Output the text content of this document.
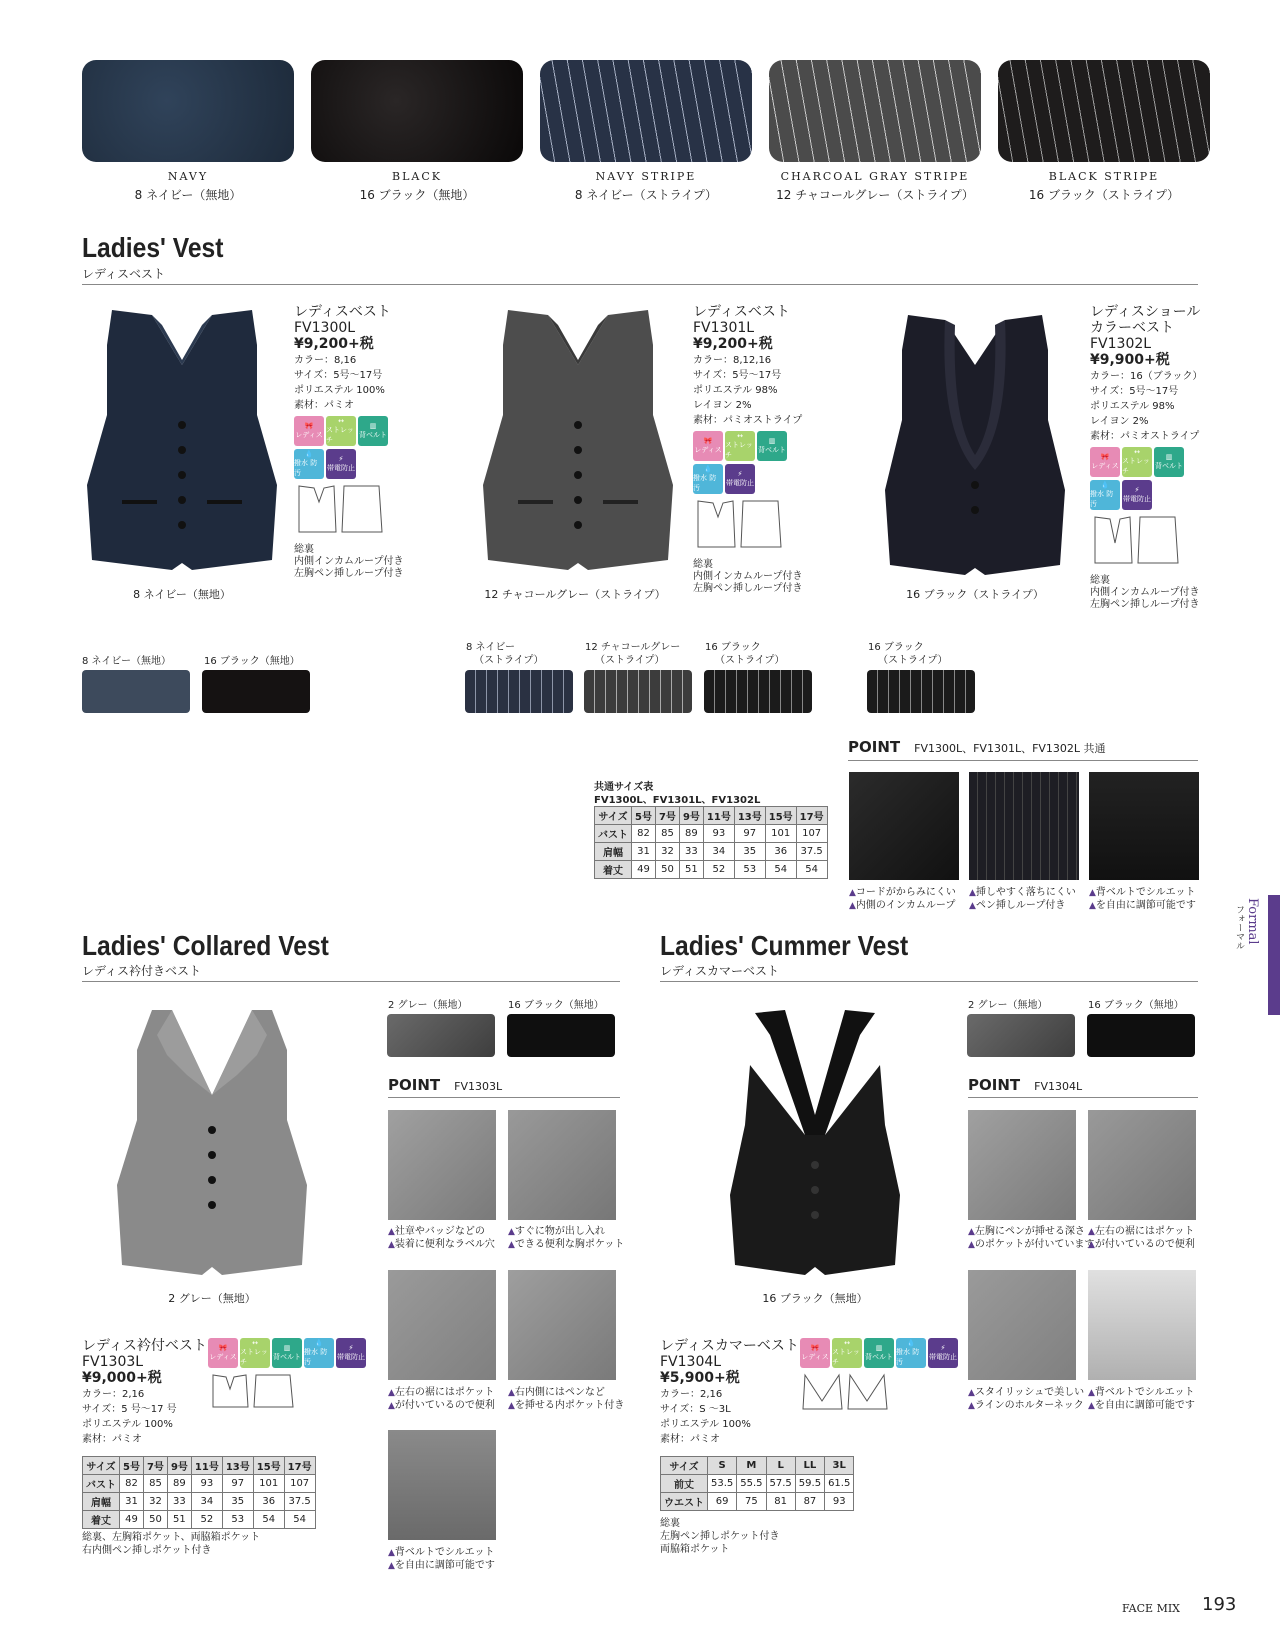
NAVY
8 ネイビー（無地）
BLACK
16 ブラック（無地）
NAVY STRIPE
8 ネイビー（ストライプ）
CHARCOAL GRAY STRIPE
12 チャコールグレー（ストライプ）
BLACK STRIPE
16 ブラック（ストライプ）
Ladies' Vest
レディスベスト
8 ネイビー（無地）
レディスベスト
FV1300L
¥9,200+税
カラー：8,16
サイズ：5号～17号
ポリエステル 100%
素材：パミオ
🎀
レディス
↔
ストレッチ
▥
背ベルト
💧
撥水 防汚
⚡
帯電防止
総裏
内側インカムループ付き
左胸ペン挿しループ付き
12 チャコールグレー（ストライプ）
レディスベスト
FV1301L
¥9,200+税
カラー：8,12,16
サイズ：5号～17号
ポリエステル 98%
レイヨン 2%
素材：パミオストライプ
🎀
レディス
↔
ストレッチ
▥
背ベルト
💧
撥水 防汚
⚡
帯電防止
総裏
内側インカムループ付き
左胸ペン挿しループ付き	16 ブラック（ストライプ）
レディスショール
カラーベスト
FV1302L
¥9,900+税
カラー：16（ブラック）
サイズ：5号～17号
ポリエステル 98%
レイヨン 2%
素材：パミオストライプ
🎀
レディス
↔
ストレッチ
▥
背ベルト
💧
撥水 防汚
⚡
帯電防止
総裏
内側インカムループ付き
左胸ペン挿しループ付き
8 ネイビー（無地）	16 ブラック（無地）
8 ネイビー
（ストライプ）
12 チャコールグレー
（ストライプ）
16 ブラック
（ストライプ）
16 ブラック
（ストライプ）
POINT FV1300L、FV1301L、FV1302L 共通
▲ コードがからみにくい
▲ 内側のインカムループ
▲ 挿しやすく落ちにくい
▲ ペン挿しループ付き
▲ 背ベルトでシルエット
▲ を自由に調節可能です
共通サイズ表
FV1300L、FV1301L、FV1302L
サイズ	5号	7号	9号	11号	13号	15号	17号
バスト	82	85	89	93	97	101	107
肩幅	31	32	33	34	35	36	37.5
着丈	49	50	51	52	53	54	54
Ladies' Collared Vest
レディス衿付きベスト
2 グレー（無地）
レディス衿付ベスト
FV1303L
¥9,000+税
カラー：2,16
サイズ：5 号～17 号
ポリエステル 100%
素材：パミオ
🎀
レディス
↔
ストレッチ
▥
背ベルト
💧
撥水 防汚
⚡
帯電防止
サイズ	5号	7号	9号	11号	13号	15号	17号
バスト	82	85	89	93	97	101	107
肩幅	31	32	33	34	35	36	37.5
着丈	49	50	51	52	53	54	54
総裏、左胸箱ポケット、両脇箱ポケット
右内側ペン挿しポケット付き
2 グレー（無地）	16 ブラック（無地）
POINT FV1303L
▲ 社章やバッジなどの
▲ 装着に便利なラベル穴
▲ すぐに物が出し入れ
▲ できる便利な胸ポケット
▲ 左右の裾にはポケット
▲ が付いているので便利
▲ 右内側にはペンなど
▲ を挿せる内ポケット付き
▲ 背ベルトでシルエット
▲ を自由に調節可能です
Ladies' Cummer Vest
レディスカマーベスト
16 ブラック（無地）
レディスカマーベスト
FV1304L
¥5,900+税
カラー：2,16
サイズ：S ～3L
ポリエステル 100%
素材：パミオ
🎀
レディス
↔
ストレッチ
▥
背ベルト
💧
撥水 防汚
⚡
帯電防止
サイズ	S	M	L	LL	3L
前丈	53.5	55.5	57.5	59.5	61.5
ウエスト	69	75	81	87	93
総裏
左胸ペン挿しポケット付き
両脇箱ポケット
2 グレー（無地）	16 ブラック（無地）
POINT FV1304L
▲ 左胸にペンが挿せる深さ
▲ のポケットが付いています
▲ 左右の裾にはポケット
▲ が付いているので便利
▲ スタイリッシュで美しい
▲ ラインのホルターネック
▲ 背ベルトでシルエット
▲ を自由に調節可能です
Formal
フォーマル
FACE MIX 193
